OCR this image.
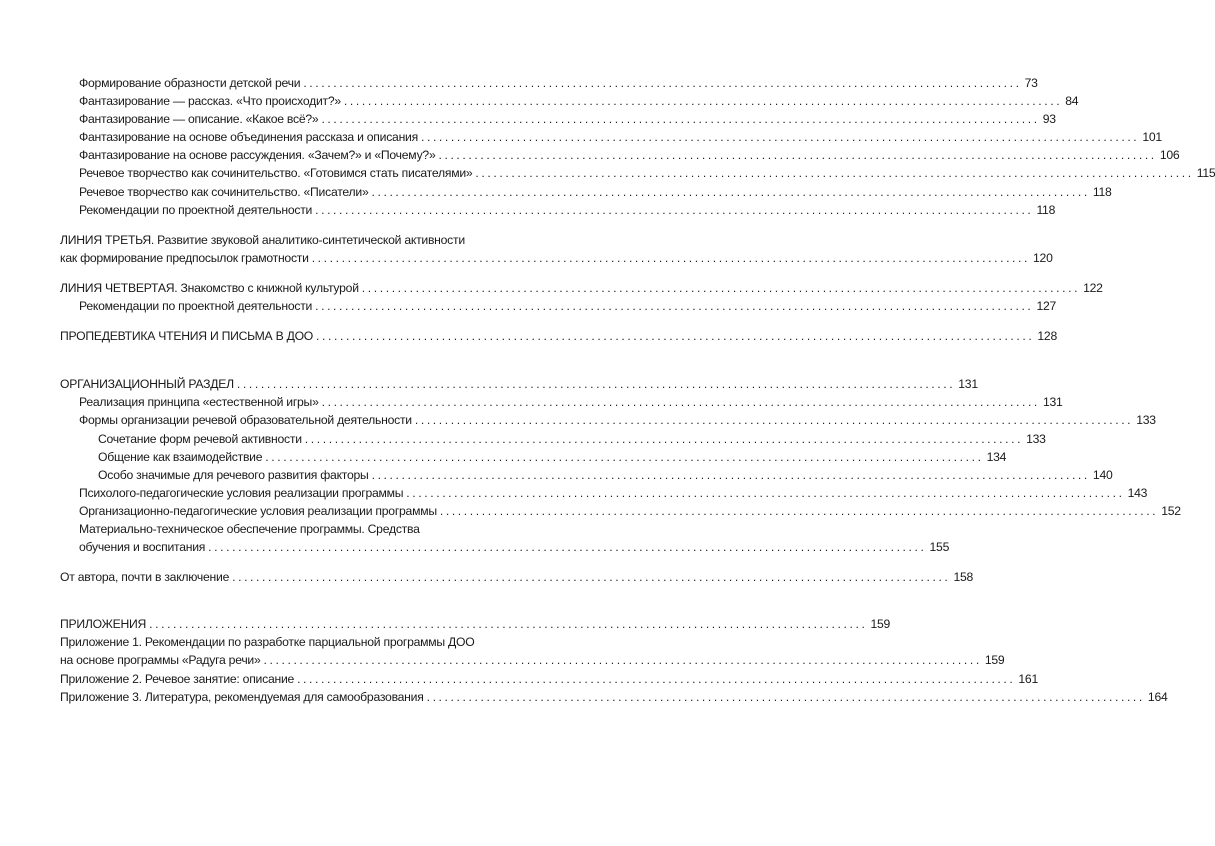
Формирование образности детской речи ........................................................................................................................ 73
Фантазирование — рассказ. «Что происходит?» ........................................................................................................................ 84
Фантазирование — описание. «Какое всё?» ........................................................................................................................ 93
Фантазирование на основе объединения рассказа и описания ........................................................................................................................ 101
Фантазирование на основе рассуждения. «Зачем?» и «Почему?» ........................................................................................................................ 106
Речевое творчество как сочинительство. «Готовимся стать писателями» ........................................................................................................................ 115
Речевое творчество как сочинительство. «Писатели» ........................................................................................................................ 118
Рекомендации по проектной деятельности ........................................................................................................................ 118
ЛИНИЯ ТРЕТЬЯ. Развитие звуковой аналитико-синтетической активности
как формирование предпосылок грамотности ........................................................................................................................ 120
ЛИНИЯ ЧЕТВЕРТАЯ. Знакомство с книжной культурой ........................................................................................................................ 122
Рекомендации по проектной деятельности ........................................................................................................................ 127
ПРОПЕДЕВТИКА ЧТЕНИЯ И ПИСЬМА В ДОО ........................................................................................................................ 128
ОРГАНИЗАЦИОННЫЙ РАЗДЕЛ ........................................................................................................................ 131
Реализация принципа «естественной игры» ........................................................................................................................ 131
Формы организации речевой образовательной деятельности ........................................................................................................................ 133
Сочетание форм речевой активности ........................................................................................................................ 133
Общение как взаимодействие ........................................................................................................................ 134
Особо значимые для речевого развития факторы ........................................................................................................................ 140
Психолого-педагогические условия реализации программы ........................................................................................................................ 143
Организационно-педагогические условия реализации программы ........................................................................................................................ 152
Материально-техническое обеспечение программы. Средства
обучения и воспитания ........................................................................................................................ 155
От автора, почти в заключение ........................................................................................................................ 158
ПРИЛОЖЕНИЯ ........................................................................................................................ 159
Приложение 1. Рекомендации по разработке парциальной программы ДОО
на основе программы «Радуга речи» ........................................................................................................................ 159
Приложение 2. Речевое занятие: описание ........................................................................................................................ 161
Приложение 3. Литература, рекомендуемая для самообразования ........................................................................................................................ 164
